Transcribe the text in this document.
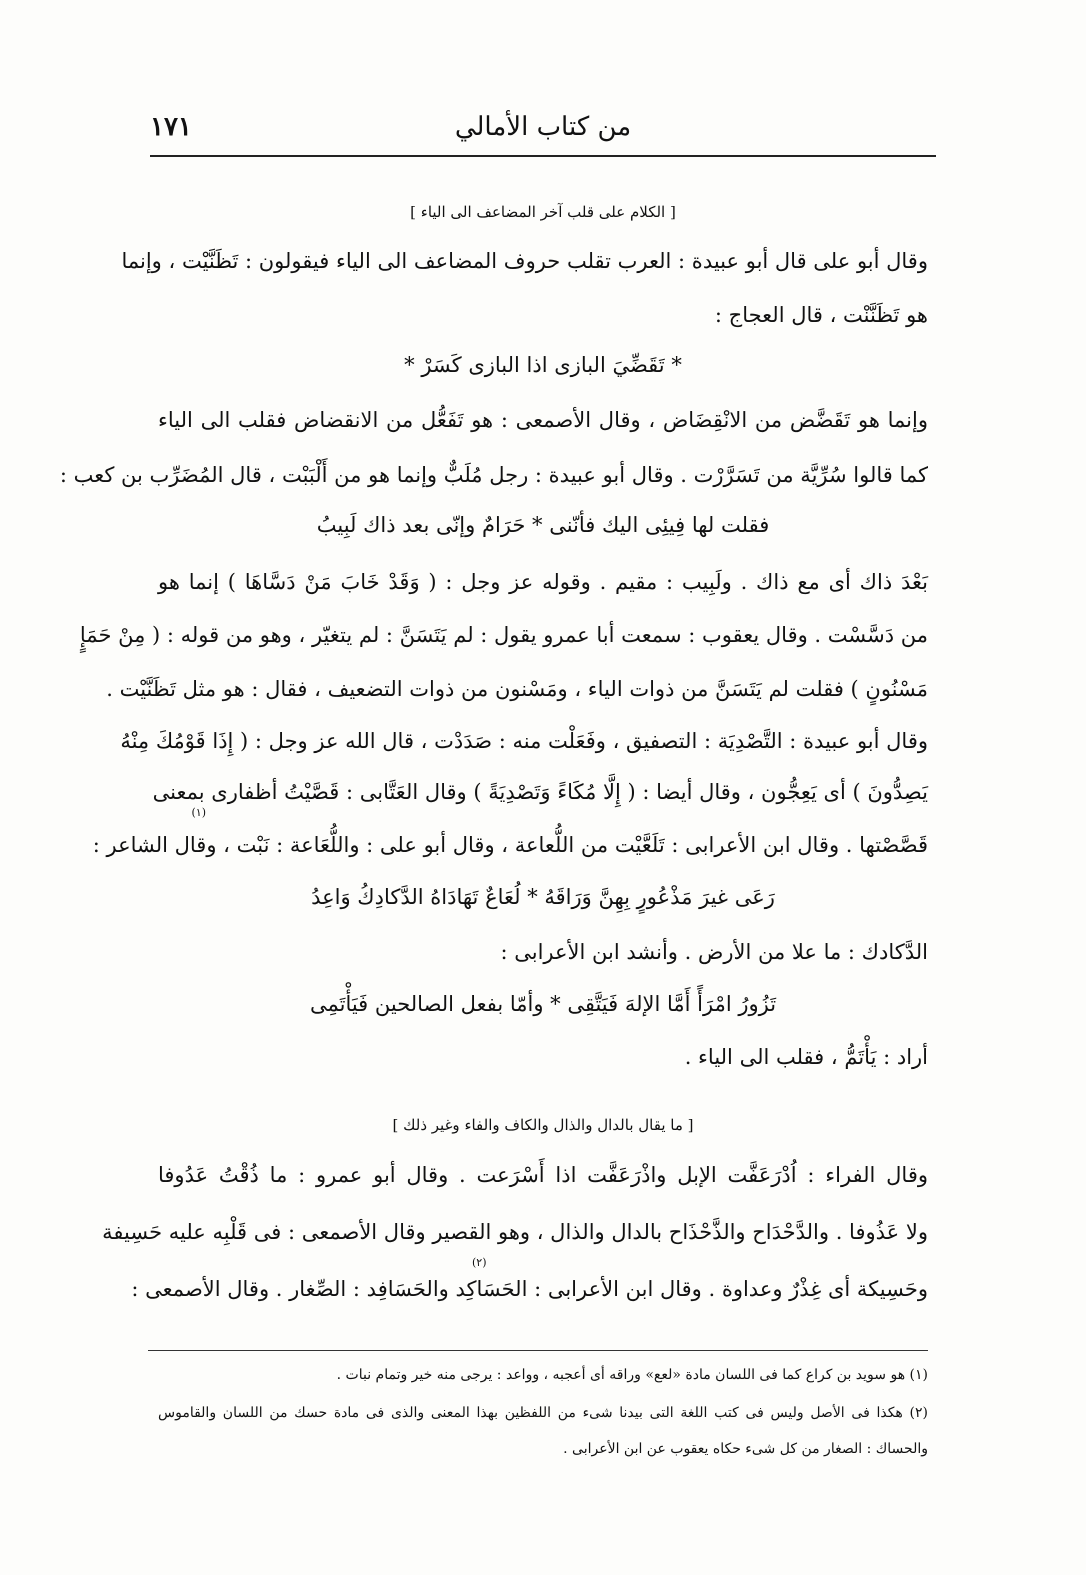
من كتاب الأمالي
١٧١
[ الكلام على قلب آخر المضاعف الى الياء ]
وقال أبو على قال أبو عبيدة : العرب تقلب حروف المضاعف الى الياء فيقولون : تَظَنَّيْت ، وإنما
هو تَظَنَّنْت ، قال العجاج :
* تَقَضِّيَ البازى اذا البازى كَسَرْ *
وإنما هو تَقَضَّض من الانْقِضَاض ، وقال الأصمعى : هو تَفَعُّل من الانقضاض فقلب الى الياء
كما قالوا سُرِّيَّة من تَسَرَّرْت . وقال أبو عبيدة : رجل مُلَبٌّ وإنما هو من أَلْبَبْت ، قال المُضَرِّب بن كعب :
فقلت لها فِيئِى اليك فأنّنى * حَرَامٌ وإنّى بعد ذاك لَبِيبُ
بَعْدَ ذاك أى مع ذاك . ولَبِيب : مقيم . وقوله عز وجل : ( وَقَدْ خَابَ مَنْ دَسَّاهَا ) إنما هو
من دَسَّسْت . وقال يعقوب : سمعت أبا عمرو يقول : لم يَتَسَنَّ : لم يتغيّر ، وهو من قوله : ( مِنْ حَمَإٍ
مَسْنُونٍ ) فقلت لم يَتَسَنَّ من ذوات الياء ، ومَسْنون من ذوات التضعيف ، فقال : هو مثل تَظَنَّيْت .
وقال أبو عبيدة : التَّصْدِيَة : التصفيق ، وفَعَلْت منه : صَدَدْت ، قال الله عز وجل : ( إِذَا قَوْمُكَ مِنْهُ
يَصِدُّونَ ) أى يَعِجُّون ، وقال أيضا : ( إِلَّا مُكَاءً وَتَصْدِيَةً ) وقال العَتَّابى : قَصَّيْتُ أظفارى بمعنى
(١)
قَصَّصْتها . وقال ابن الأعرابى : تَلَعَّيْت من اللُّعاعة ، وقال أبو على : واللُّعَاعة : نَبْت ، وقال الشاعر :
رَعَى غيرَ مَذْعُورٍ بِهِنَّ وَرَاقَهُ * لُعَاعٌ تَهَادَاهُ الدَّكادِكُ وَاعِدُ
الدَّكادك : ما علا من الأرض . وأنشد ابن الأعرابى :
تَزُورُ امْرَأً أَمَّا الإلهَ فَيَتَّقِى * وأمّا بفعل الصالحين فَيَأْتَمِى
أراد : يَأْتَمُّ ، فقلب الى الياء .
[ ما يقال بالدال والذال والكاف والفاء وغير ذلك ]
وقال الفراء : اُدْرَعَفَّت الإبل واذْرَعَفَّت اذا أَسْرَعت . وقال أبو عمرو : ما ذُقْتُ عَدُوفا
ولا عَذُوفا . والدَّحْدَاح والذَّحْذَاح بالدال والذال ، وهو القصير وقال الأصمعى : فى قَلْبِه عليه حَسِيفة
(٢)
وحَسِيكة أى غِذْرٌ وعداوة . وقال ابن الأعرابى : الحَسَاكِد والحَسَافِد : الصِّغار . وقال الأصمعى :
(١) هو سويد بن كراع كما فى اللسان مادة «لعع» وراقه أى أعجبه ، وواعد : يرجى منه خير وتمام نبات .
(٢) هكذا فى الأصل وليس فى كتب اللغة التى بيدنا شىء من اللفظين بهذا المعنى والذى فى مادة حسك من اللسان والقاموس
والحساك : الصغار من كل شىء حكاه يعقوب عن ابن الأعرابى .
